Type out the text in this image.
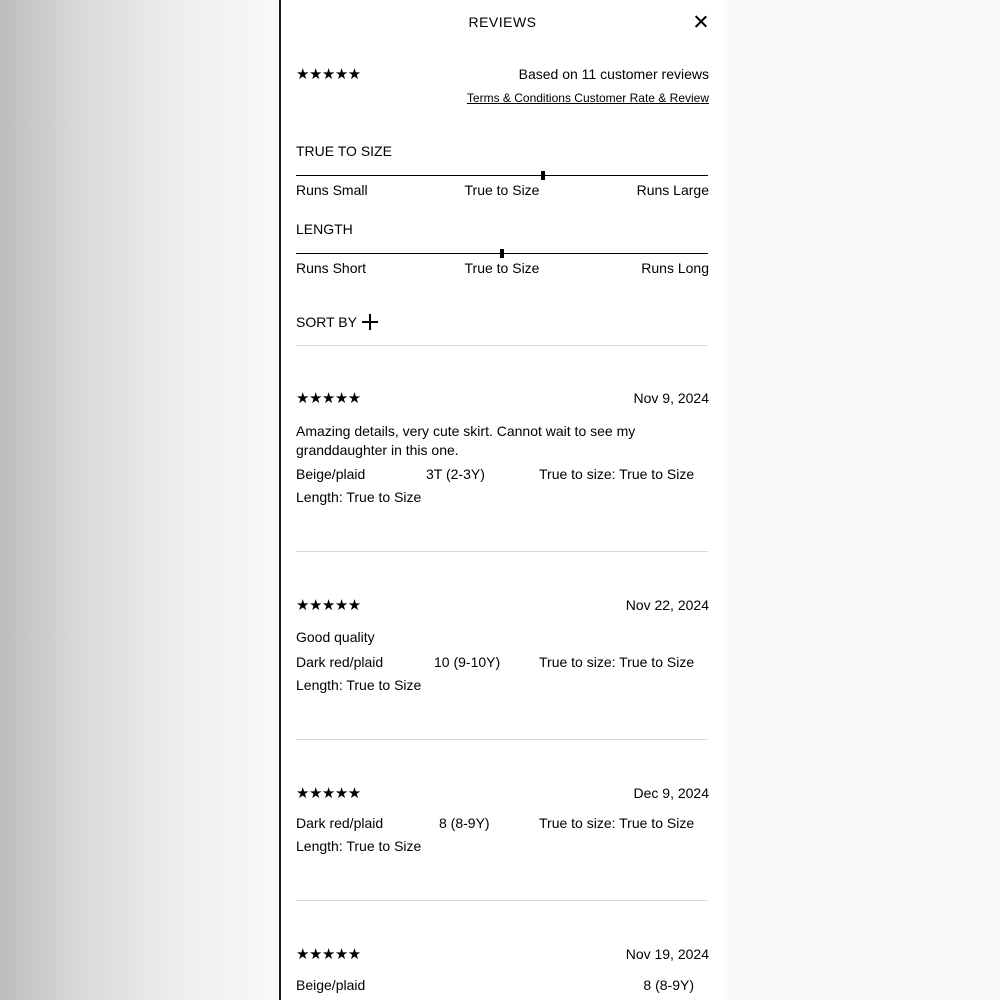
REVIEWS
★★★★★	Based on 11 customer reviews
Terms & Conditions Customer Rate & Review
TRUE TO SIZE
Runs Small	True to Size	Runs Large
LENGTH
Runs Short	True to Size	Runs Long
SORT BY
★★★★★	Nov 9, 2024
Amazing details, very cute skirt. Cannot wait to see my granddaughter in this one.
Beige/plaid	3T (2-3Y)	True to size: True to Size
Length: True to Size
★★★★★	Nov 22, 2024
Good quality
Dark red/plaid	10 (9-10Y)	True to size: True to Size
Length: True to Size
★★★★★	Dec 9, 2024
Dark red/plaid	8 (8-9Y)	True to size: True to Size
Length: True to Size
★★★★★	Nov 19, 2024
Beige/plaid	8 (8-9Y)
